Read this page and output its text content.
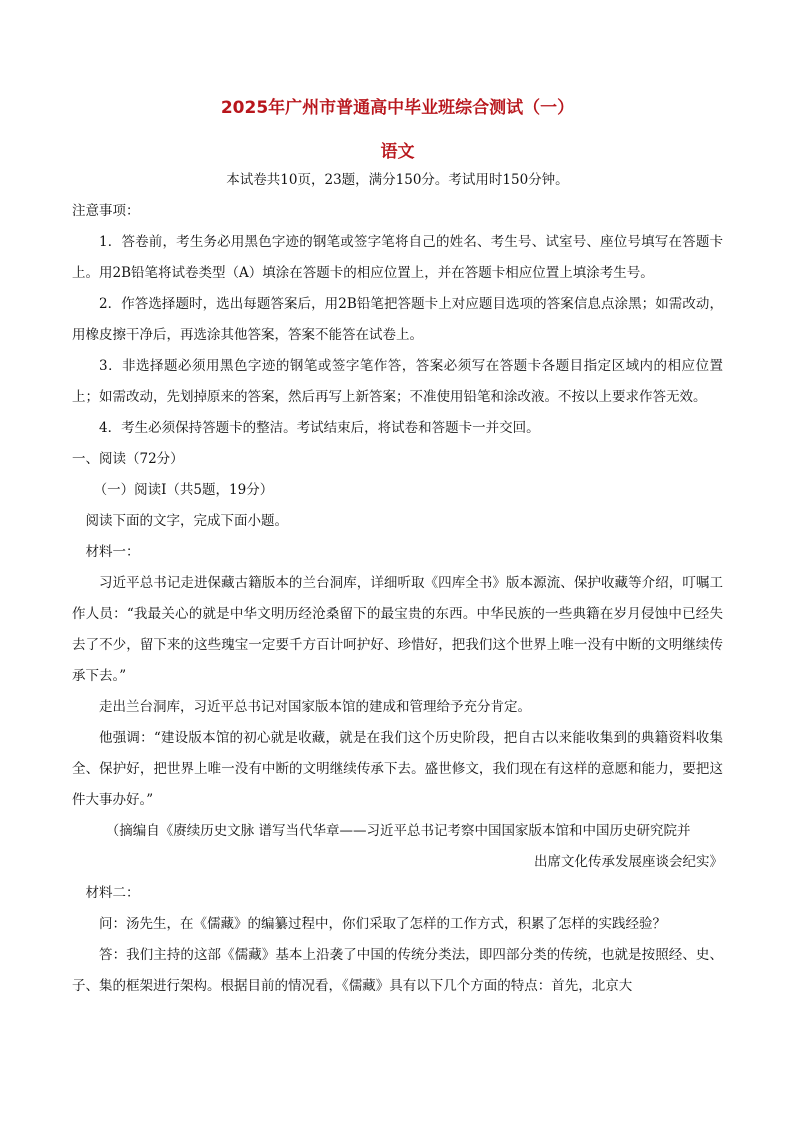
2025年广州市普通高中毕业班综合测试（一）
语文

本试卷共10页，23题，满分150分。考试用时150分钟。

注意事项：

1．答卷前，考生务必用黑色字迹的钢笔或签字笔将自己的姓名、考生号、试室号、座位号填写在答题卡上。用2B铅笔将试卷类型（A）填涂在答题卡的相应位置上，并在答题卡相应位置上填涂考生号。

2．作答选择题时，选出每题答案后，用2B铅笔把答题卡上对应题目选项的答案信息点涂黑；如需改动，用橡皮擦干净后，再选涂其他答案，答案不能答在试卷上。

3．非选择题必须用黑色字迹的钢笔或签字笔作答，答案必须写在答题卡各题目指定区域内的相应位置上；如需改动，先划掉原来的答案，然后再写上新答案；不准使用铅笔和涂改液。不按以上要求作答无效。

4．考生必须保持答题卡的整洁。考试结束后，将试卷和答题卡一并交回。

一、阅读（72分）

（一）阅读Ⅰ（共5题，19分）

阅读下面的文字，完成下面小题。

材料一：

习近平总书记走进保藏古籍版本的兰台洞库，详细听取《四库全书》版本源流、保护收藏等介绍，叮嘱工作人员：“我最关心的就是中华文明历经沧桑留下的最宝贵的东西。中华民族的一些典籍在岁月侵蚀中已经失去了不少，留下来的这些瑰宝一定要千方百计呵护好、珍惜好，把我们这个世界上唯一没有中断的文明继续传承下去。”

走出兰台洞库，习近平总书记对国家版本馆的建成和管理给予充分肯定。

他强调：“建设版本馆的初心就是收藏，就是在我们这个历史阶段，把自古以来能收集到的典籍资料收集全、保护好，把世界上唯一没有中断的文明继续传承下去。盛世修文，我们现在有这样的意愿和能力，要把这件大事办好。”

（摘编自《赓续历史文脉 谱写当代华章——习近平总书记考察中国国家版本馆和中国历史研究院并

出席文化传承发展座谈会纪实》

材料二：

问：汤先生，在《儒藏》的编纂过程中，你们采取了怎样的工作方式，积累了怎样的实践经验？

答：我们主持的这部《儒藏》基本上沿袭了中国的传统分类法，即四部分类的传统，也就是按照经、史、子、集的框架进行架构。根据目前的情况看，《儒藏》具有以下几个方面的特点：首先，北京大
